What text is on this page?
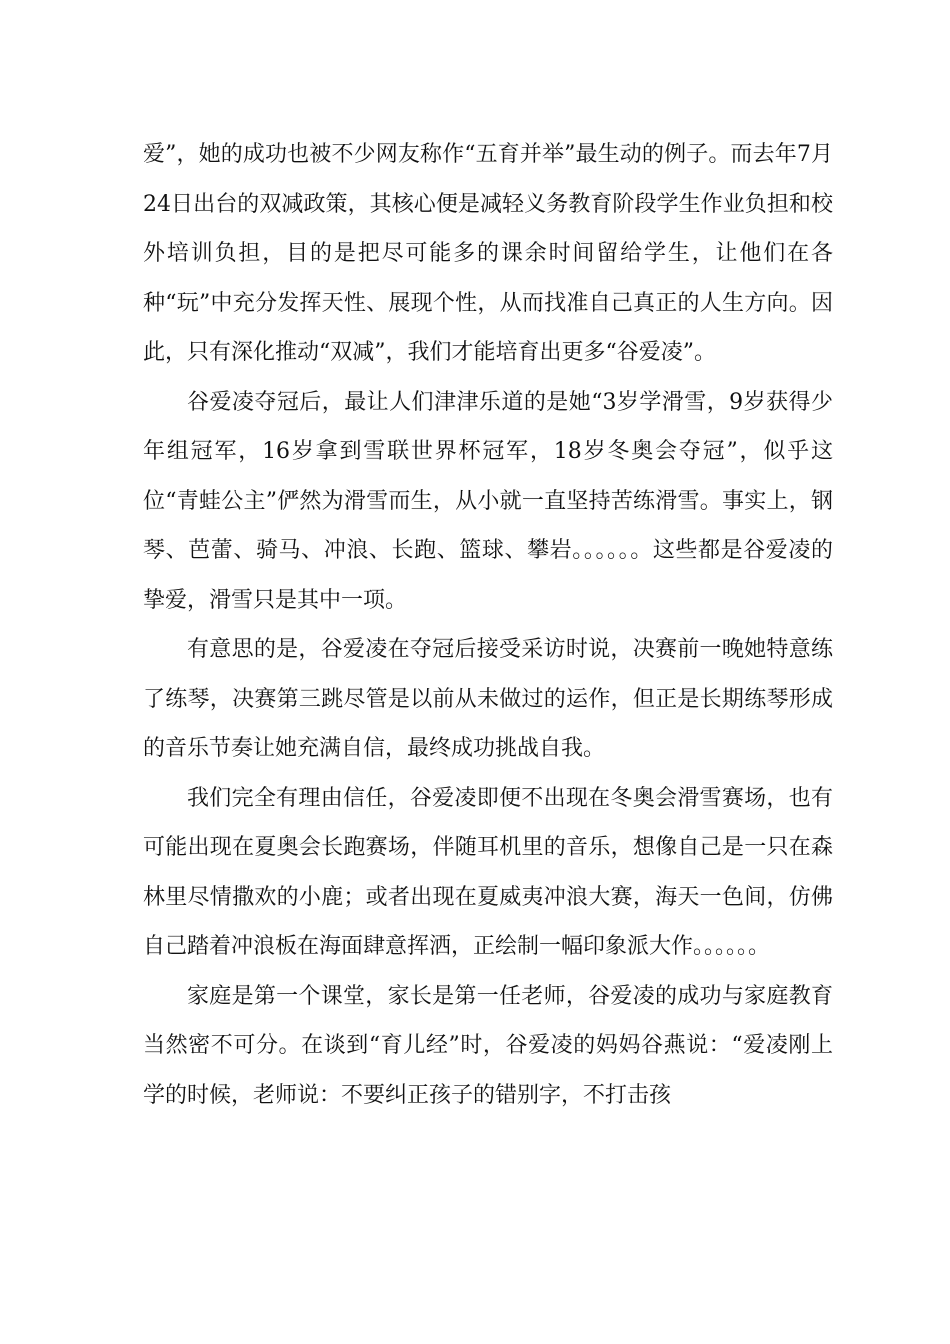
爱”，她的成功也被不少网友称作“五育并举”最生动的例子。而去年7月24日出台的双减政策，其核心便是减轻义务教育阶段学生作业负担和校外培训负担，目的是把尽可能多的课余时间留给学生，让他们在各种“玩”中充分发挥天性、展现个性，从而找准自己真正的人生方向。因此，只有深化推动“双减”，我们才能培育出更多“谷爱凌”。

谷爱凌夺冠后，最让人们津津乐道的是她“3岁学滑雪，9岁获得少年组冠军，16岁拿到雪联世界杯冠军，18岁冬奥会夺冠”，似乎这位“青蛙公主”俨然为滑雪而生，从小就一直坚持苦练滑雪。事实上，钢琴、芭蕾、骑马、冲浪、长跑、篮球、攀岩。。。。。。这些都是谷爱凌的挚爱，滑雪只是其中一项。

有意思的是，谷爱凌在夺冠后接受采访时说，决赛前一晚她特意练了练琴，决赛第三跳尽管是以前从未做过的运作，但正是长期练琴形成的音乐节奏让她充满自信，最终成功挑战自我。

我们完全有理由信任，谷爱凌即便不出现在冬奥会滑雪赛场，也有可能出现在夏奥会长跑赛场，伴随耳机里的音乐，想像自己是一只在森林里尽情撒欢的小鹿；或者出现在夏威夷冲浪大赛，海天一色间，仿佛自己踏着冲浪板在海面肆意挥洒，正绘制一幅印象派大作。。。。。。

家庭是第一个课堂，家长是第一任老师，谷爱凌的成功与家庭教育当然密不可分。在谈到“育儿经”时，谷爱凌的妈妈谷燕说：“爱凌刚上学的时候，老师说：不要纠正孩子的错别字，不打击孩
